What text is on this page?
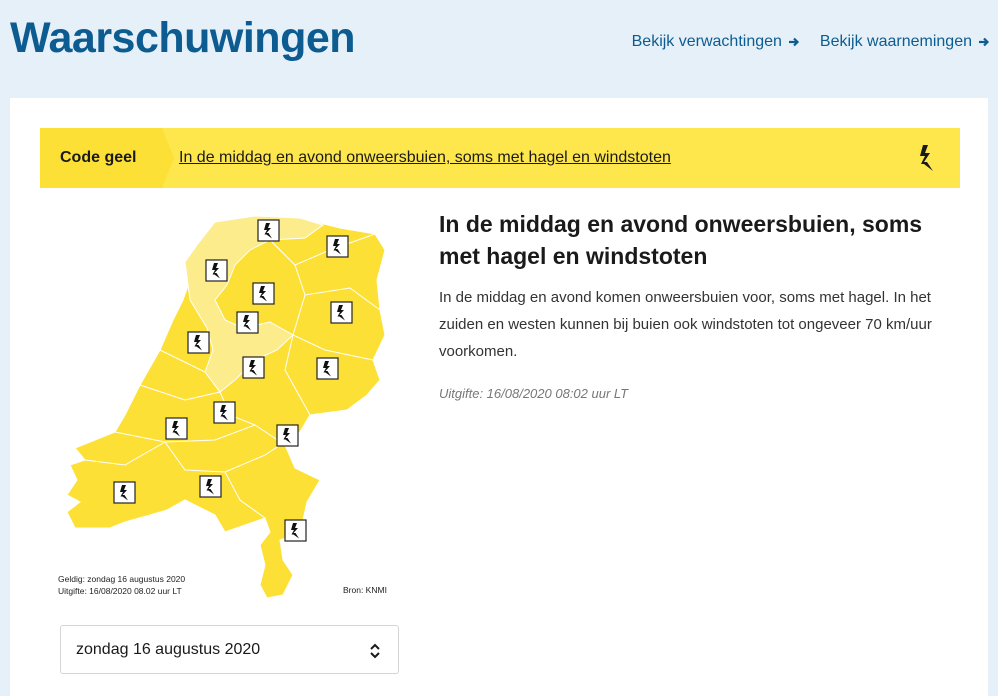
Waarschuwingen	Bekijk verwachtingen Bekijk waarnemingen
Code geel	In de middag en avond onweersbuien, soms met hagel en windstoten
Geldig: zondag 16 augustus 2020
Uitgifte: 16/08/2020 08.02 uur LT	Bron: KNMI
zondag 16 augustus 2020
In de middag en avond onweersbuien, soms met hagel en windstoten
In de middag en avond komen onweersbuien voor, soms met hagel. In het zuiden en westen kunnen bij buien ook windstoten tot ongeveer 70 km/uur voorkomen.
Uitgifte: 16/08/2020 08:02 uur LT
